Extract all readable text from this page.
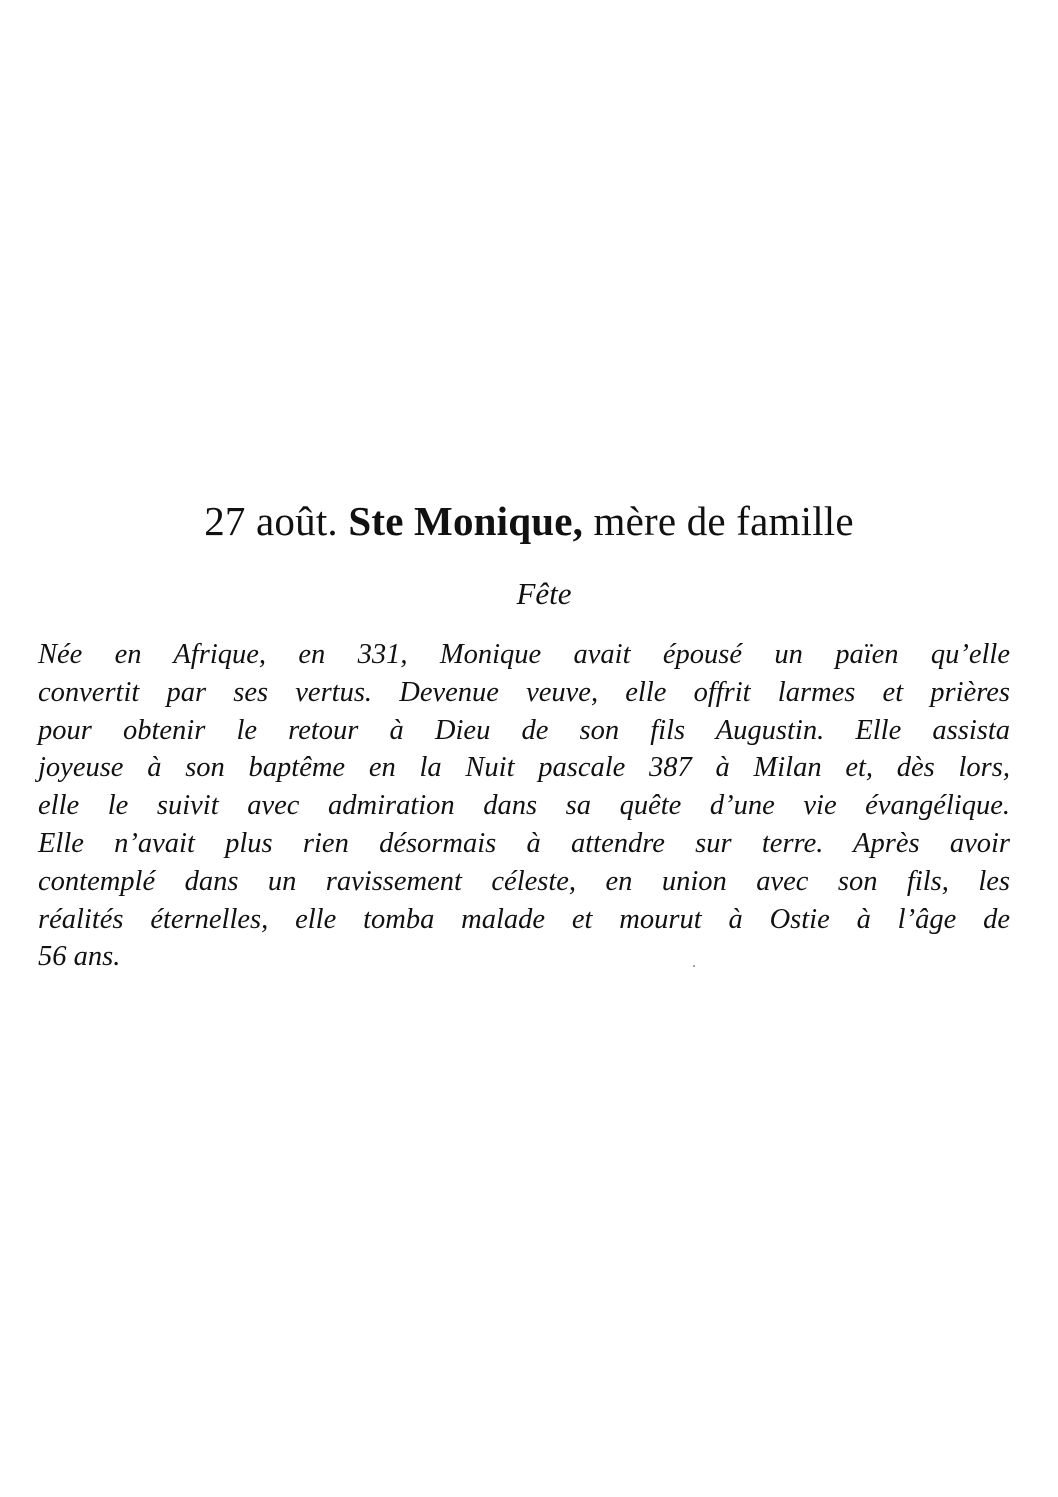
27 août. Ste Monique, mère de famille
Fête

Née en Afrique, en 331, Monique avait épousé un païen qu’elle
convertit par ses vertus. Devenue veuve, elle offrit larmes et prières
pour obtenir le retour à Dieu de son fils Augustin. Elle assista
joyeuse à son baptême en la Nuit pascale 387 à Milan et, dès lors,
elle le suivit avec admiration dans sa quête d’une vie évangélique.
Elle n’avait plus rien désormais à attendre sur terre. Après avoir
contemplé dans un ravissement céleste, en union avec son fils, les
réalités éternelles, elle tomba malade et mourut à Ostie à l’âge de
56 ans.
